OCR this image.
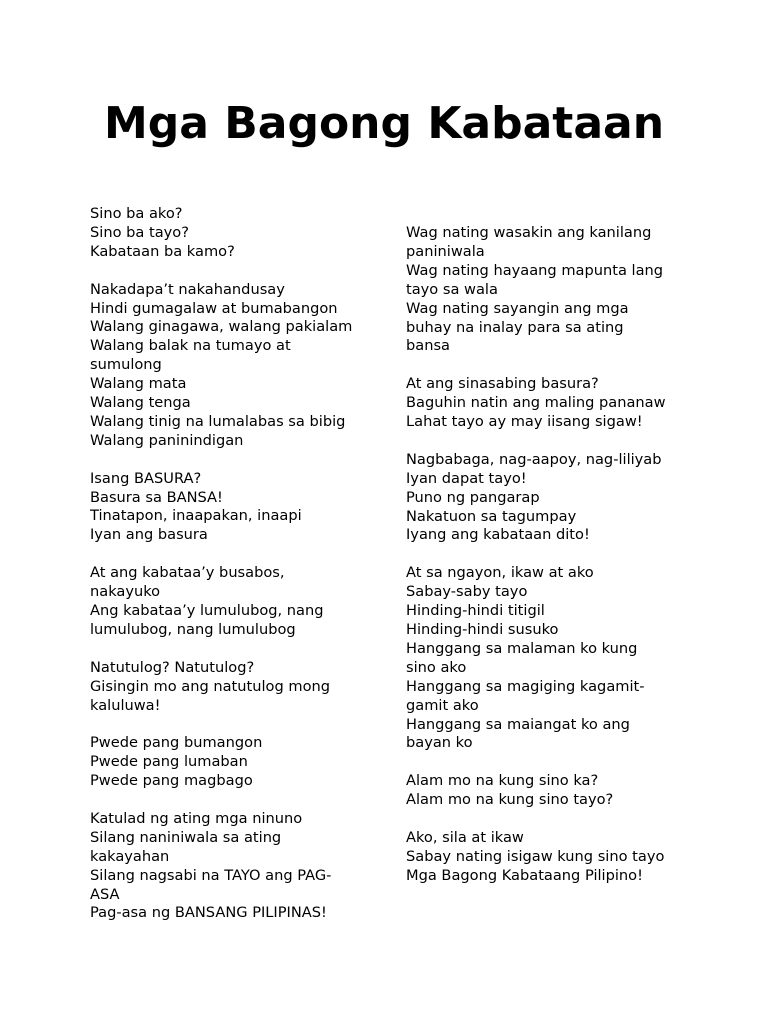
Mga Bagong Kabataan
Sino ba ako?
Sino ba tayo?
Kabataan ba kamo?
Nakadapa’t nakahandusay
Hindi gumagalaw at bumabangon
Walang ginagawa, walang pakialam
Walang balak na tumayo at
sumulong
Walang mata
Walang tenga
Walang tinig na lumalabas sa bibig
Walang paninindigan
Isang BASURA?
Basura sa BANSA!
Tinatapon, inaapakan, inaapi
Iyan ang basura
At ang kabataa’y busabos,
nakayuko
Ang kabataa’y lumulubog, nang
lumulubog, nang lumulubog
Natutulog? Natutulog?
Gisingin mo ang natutulog mong
kaluluwa!
Pwede pang bumangon
Pwede pang lumaban
Pwede pang magbago
Katulad ng ating mga ninuno
Silang naniniwala sa ating
kakayahan
Silang nagsabi na TAYO ang PAG-
ASA
Pag-asa ng BANSANG PILIPINAS!
Wag nating wasakin ang kanilang
paniniwala
Wag nating hayaang mapunta lang
tayo sa wala
Wag nating sayangin ang mga
buhay na inalay para sa ating
bansa
At ang sinasabing basura?
Baguhin natin ang maling pananaw
Lahat tayo ay may iisang sigaw!
Nagbabaga, nag-aapoy, nag-liliyab
Iyan dapat tayo!
Puno ng pangarap
Nakatuon sa tagumpay
Iyang ang kabataan dito!
At sa ngayon, ikaw at ako
Sabay-saby tayo
Hinding-hindi titigil
Hinding-hindi susuko
Hanggang sa malaman ko kung
sino ako
Hanggang sa magiging kagamit-
gamit ako
Hanggang sa maiangat ko ang
bayan ko
Alam mo na kung sino ka?
Alam mo na kung sino tayo?
Ako, sila at ikaw
Sabay nating isigaw kung sino tayo
Mga Bagong Kabataang Pilipino!
